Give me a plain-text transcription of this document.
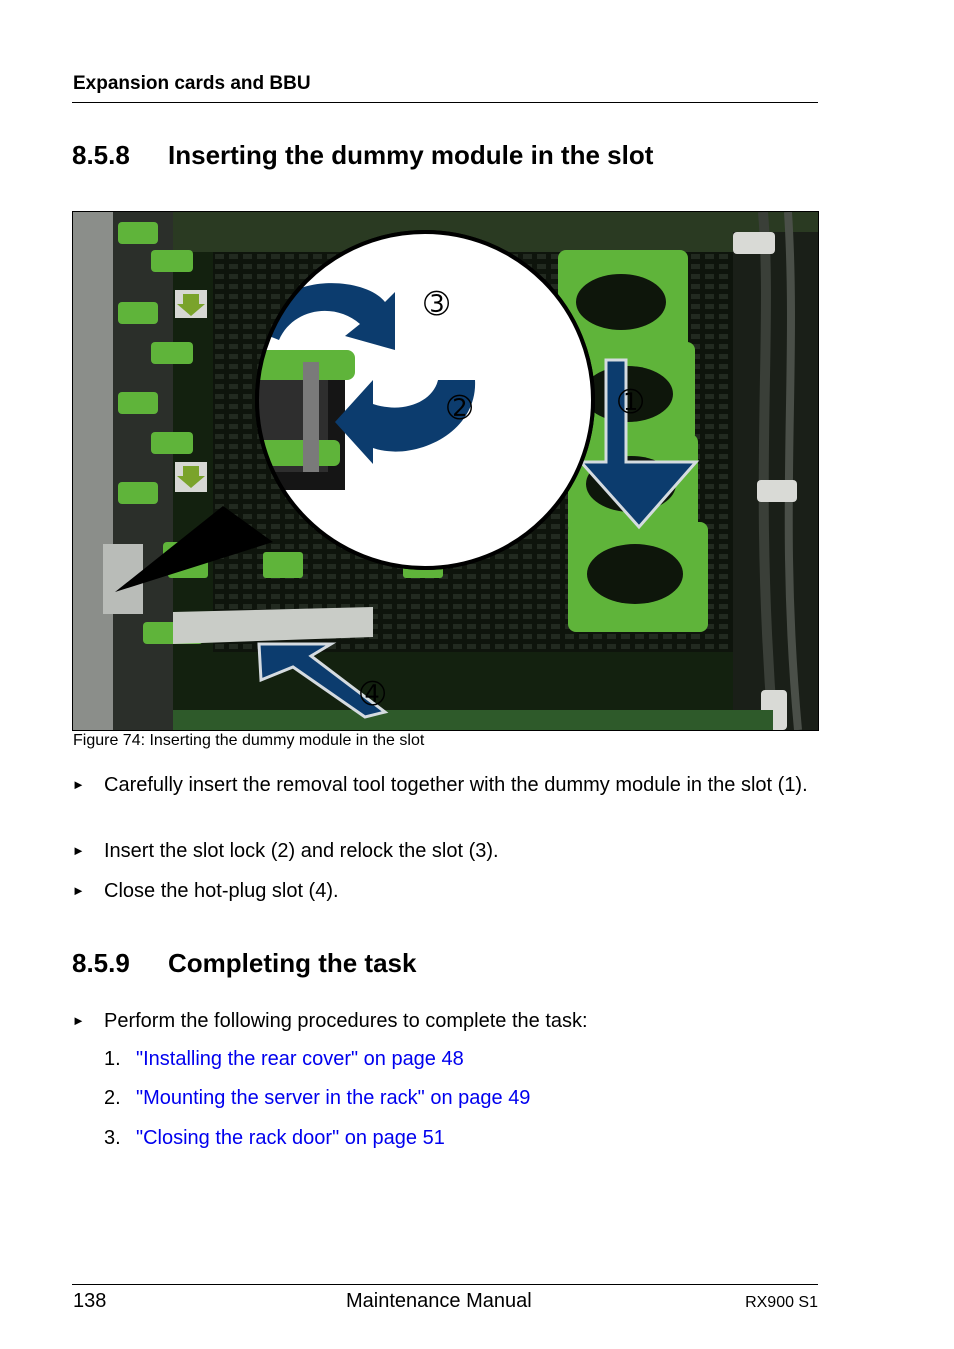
Expansion cards and BBU
8.5.8 Inserting the dummy module in the slot
➂
➁	➀
➃
Figure 74: Inserting the dummy module in the slot
► Carefully insert the removal tool together with the dummy module in the slot (1).
► Insert the slot lock (2) and relock the slot (3).
► Close the hot-plug slot (4).
8.5.9 Completing the task
► Perform the following procedures to complete the task:
1. "Installing the rear cover" on page 48
2. "Mounting the server in the rack" on page 49
3. "Closing the rack door" on page 51
138	Maintenance Manual	RX900 S1
